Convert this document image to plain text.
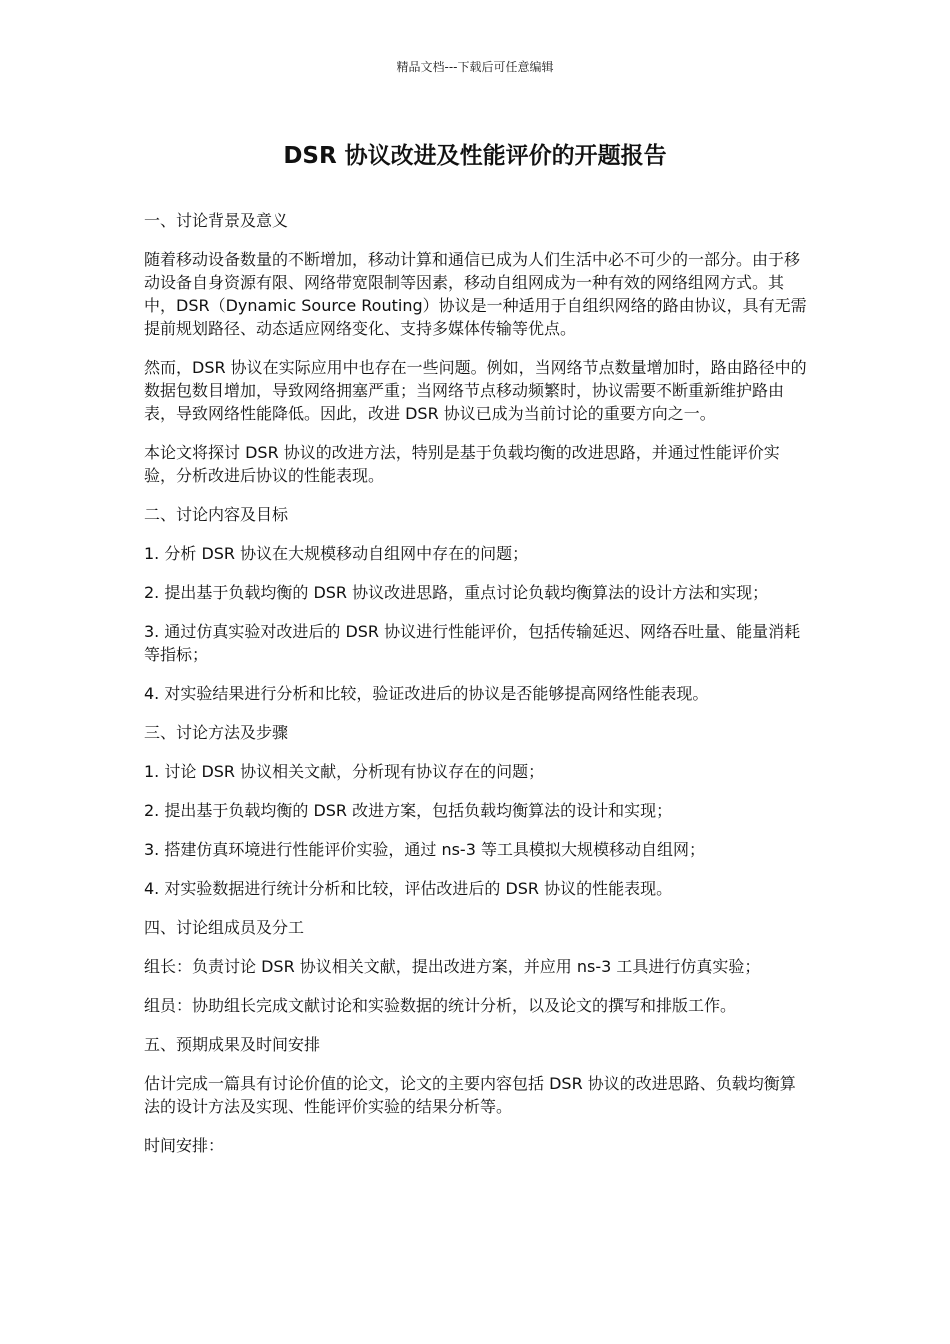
精品文档---下载后可任意编辑
DSR 协议改进及性能评价的开题报告

一、讨论背景及意义

随着移动设备数量的不断增加，移动计算和通信已成为人们生活中必不可少的一部分。由于移动设备自身资源有限、网络带宽限制等因素，移动自组网成为一种有效的网络组网方式。其中，DSR（Dynamic Source Routing）协议是一种适用于自组织网络的路由协议，具有无需提前规划路径、动态适应网络变化、支持多媒体传输等优点。

然而，DSR 协议在实际应用中也存在一些问题。例如，当网络节点数量增加时，路由路径中的数据包数目增加，导致网络拥塞严重；当网络节点移动频繁时，协议需要不断重新维护路由表，导致网络性能降低。因此，改进 DSR 协议已成为当前讨论的重要方向之一。

本论文将探讨 DSR 协议的改进方法，特别是基于负载均衡的改进思路，并通过性能评价实验，分析改进后协议的性能表现。

二、讨论内容及目标

1. 分析 DSR 协议在大规模移动自组网中存在的问题；

2. 提出基于负载均衡的 DSR 协议改进思路，重点讨论负载均衡算法的设计方法和实现；

3. 通过仿真实验对改进后的 DSR 协议进行性能评价，包括传输延迟、网络吞吐量、能量消耗等指标；

4. 对实验结果进行分析和比较，验证改进后的协议是否能够提高网络性能表现。

三、讨论方法及步骤

1. 讨论 DSR 协议相关文献，分析现有协议存在的问题；

2. 提出基于负载均衡的 DSR 改进方案，包括负载均衡算法的设计和实现；

3. 搭建仿真环境进行性能评价实验，通过 ns-3 等工具模拟大规模移动自组网；

4. 对实验数据进行统计分析和比较，评估改进后的 DSR 协议的性能表现。

四、讨论组成员及分工

组长：负责讨论 DSR 协议相关文献，提出改进方案，并应用 ns-3 工具进行仿真实验；

组员：协助组长完成文献讨论和实验数据的统计分析，以及论文的撰写和排版工作。

五、预期成果及时间安排

估计完成一篇具有讨论价值的论文，论文的主要内容包括 DSR 协议的改进思路、负载均衡算法的设计方法及实现、性能评价实验的结果分析等。

时间安排：
